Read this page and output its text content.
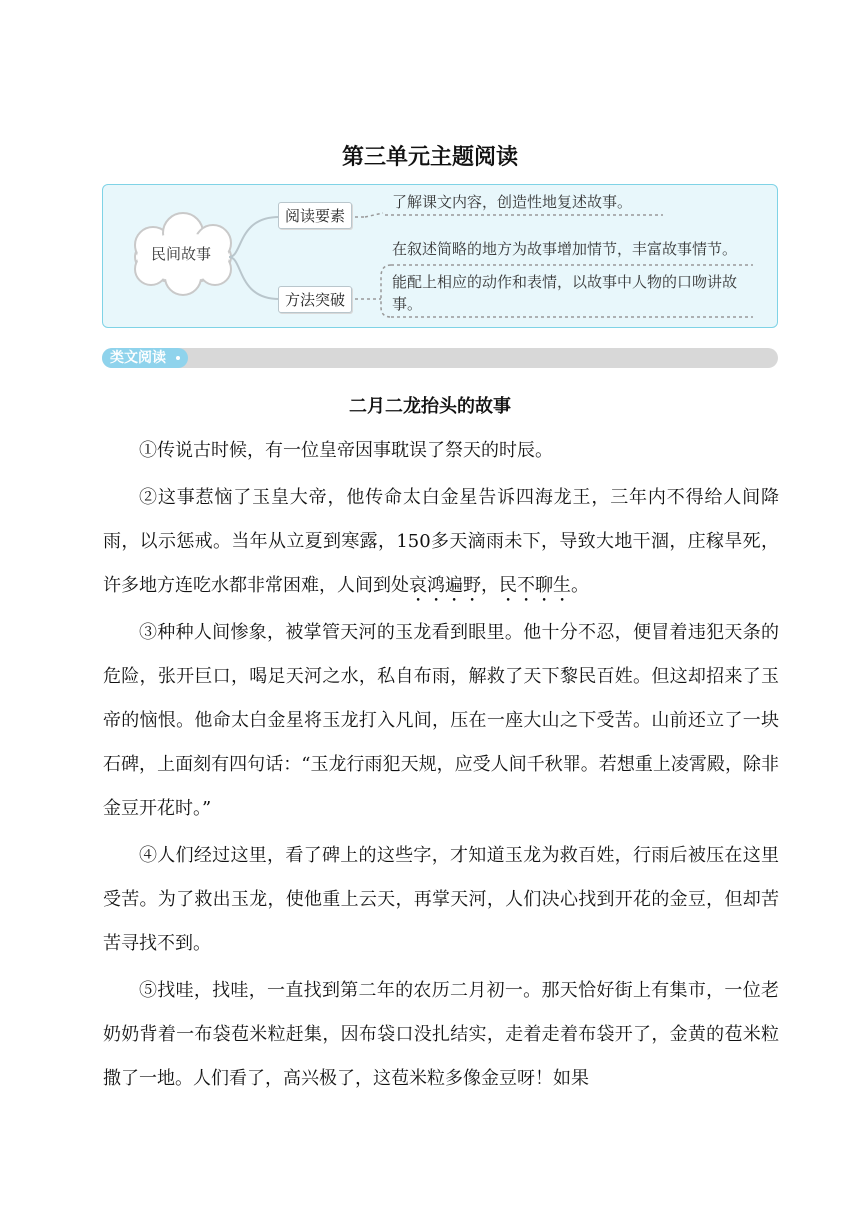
第三单元主题阅读
民间故事
阅读要素
方法突破
了解课文内容，创造性地复述故事。
在叙述简略的地方为故事增加情节，丰富故事情节。
能配上相应的动作和表情，以故事中人物的口吻讲故事。
类文阅读
二月二龙抬头的故事

①传说古时候，有一位皇帝因事耽误了祭天的时辰。

②这事惹恼了玉皇大帝，他传命太白金星告诉四海龙王，三年内不得给人间降雨，以示惩戒。当年从立夏到寒露，150多天滴雨未下，导致大地干涸，庄稼旱死，许多地方连吃水都非常困难，人间到处哀鸿遍野，民不聊生。

③种种人间惨象，被掌管天河的玉龙看到眼里。他十分不忍，便冒着违犯天条的危险，张开巨口，喝足天河之水，私自布雨，解救了天下黎民百姓。但这却招来了玉帝的恼恨。他命太白金星将玉龙打入凡间，压在一座大山之下受苦。山前还立了一块石碑，上面刻有四句话：“玉龙行雨犯天规，应受人间千秋罪。若想重上凌霄殿，除非金豆开花时。”

④人们经过这里，看了碑上的这些字，才知道玉龙为救百姓，行雨后被压在这里受苦。为了救出玉龙，使他重上云天，再掌天河，人们决心找到开花的金豆，但却苦苦寻找不到。

⑤找哇，找哇，一直找到第二年的农历二月初一。那天恰好街上有集市，一位老奶奶背着一布袋苞米粒赶集，因布袋口没扎结实，走着走着布袋开了，金黄的苞米粒撒了一地。人们看了，高兴极了，这苞米粒多像金豆呀！如果
